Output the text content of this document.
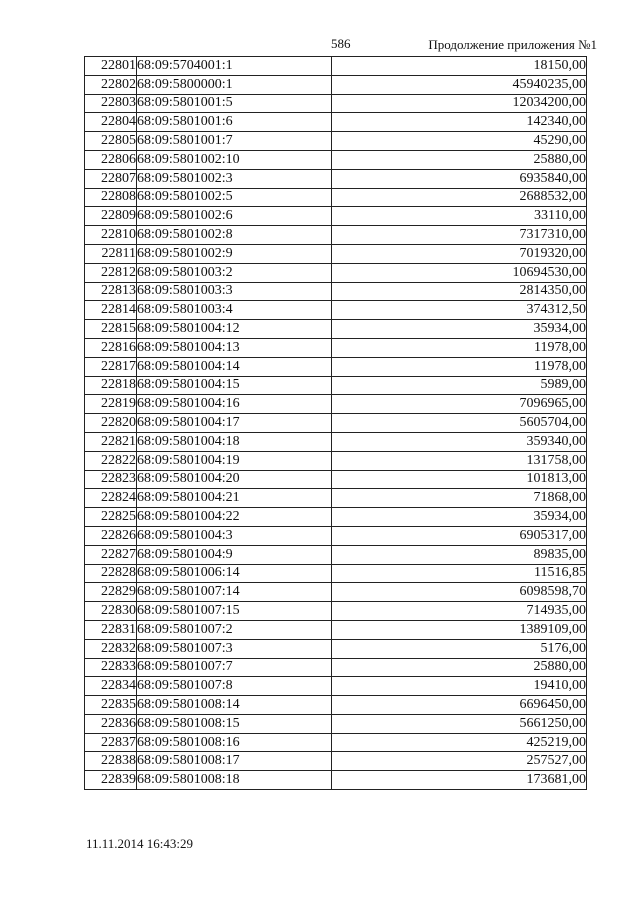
586	Продолжение приложения №1
22801	68:09:5704001:1		18150,00
22802	68:09:5800000:1		45940235,00
22803	68:09:5801001:5		12034200,00
22804	68:09:5801001:6		142340,00
22805	68:09:5801001:7		45290,00
22806	68:09:5801002:10		25880,00
22807	68:09:5801002:3		6935840,00
22808	68:09:5801002:5		2688532,00
22809	68:09:5801002:6		33110,00
22810	68:09:5801002:8		7317310,00
22811	68:09:5801002:9		7019320,00
22812	68:09:5801003:2		10694530,00
22813	68:09:5801003:3		2814350,00
22814	68:09:5801003:4		374312,50
22815	68:09:5801004:12		35934,00
22816	68:09:5801004:13		11978,00
22817	68:09:5801004:14		11978,00
22818	68:09:5801004:15		5989,00
22819	68:09:5801004:16		7096965,00
22820	68:09:5801004:17		5605704,00
22821	68:09:5801004:18		359340,00
22822	68:09:5801004:19		131758,00
22823	68:09:5801004:20		101813,00
22824	68:09:5801004:21		71868,00
22825	68:09:5801004:22		35934,00
22826	68:09:5801004:3		6905317,00
22827	68:09:5801004:9		89835,00
22828	68:09:5801006:14		11516,85
22829	68:09:5801007:14		6098598,70
22830	68:09:5801007:15		714935,00
22831	68:09:5801007:2		1389109,00
22832	68:09:5801007:3		5176,00
22833	68:09:5801007:7		25880,00
22834	68:09:5801007:8		19410,00
22835	68:09:5801008:14		6696450,00
22836	68:09:5801008:15		5661250,00
22837	68:09:5801008:16		425219,00
22838	68:09:5801008:17		257527,00
22839	68:09:5801008:18		173681,00
11.11.2014 16:43:29
